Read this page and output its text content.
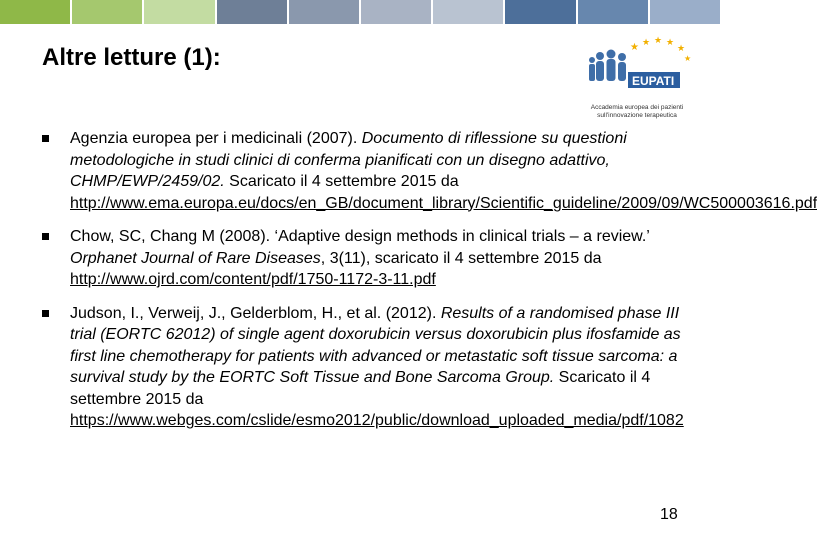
Altre letture (1):	★ ★ ★ ★
★
★
EUPATI
Accademia europea dei pazienti
sull'innovazione terapeutica
Agenzia europea per i medicinali (2007). Documento di riflessione su questioni metodologiche in studi clinici di conferma pianificati con un disegno adattivo, CHMP/EWP/2459/02. Scaricato il 4 settembre 2015 da http://www.ema.europa.eu/docs/en_GB/document_library/Scientific_guideline/2009/09/WC500003616.pdf
Chow, SC, Chang M (2008). ‘Adaptive design methods in clinical trials – a review.’ Orphanet Journal of Rare Diseases, 3(11), scaricato il 4 settembre 2015 da http://www.ojrd.com/content/pdf/1750-1172-3-11.pdf
Judson, I., Verweij, J., Gelderblom, H., et al. (2012). Results of a randomised phase III trial (EORTC 62012) of single agent doxorubicin versus doxorubicin plus ifosfamide as first line chemotherapy for patients with advanced or metastatic soft tissue sarcoma: a survival study by the EORTC Soft Tissue and Bone Sarcoma Group. Scaricato il 4 settembre 2015 da https://www.webges.com/cslide/esmo2012/public/download_uploaded_media/pdf/1082
18
